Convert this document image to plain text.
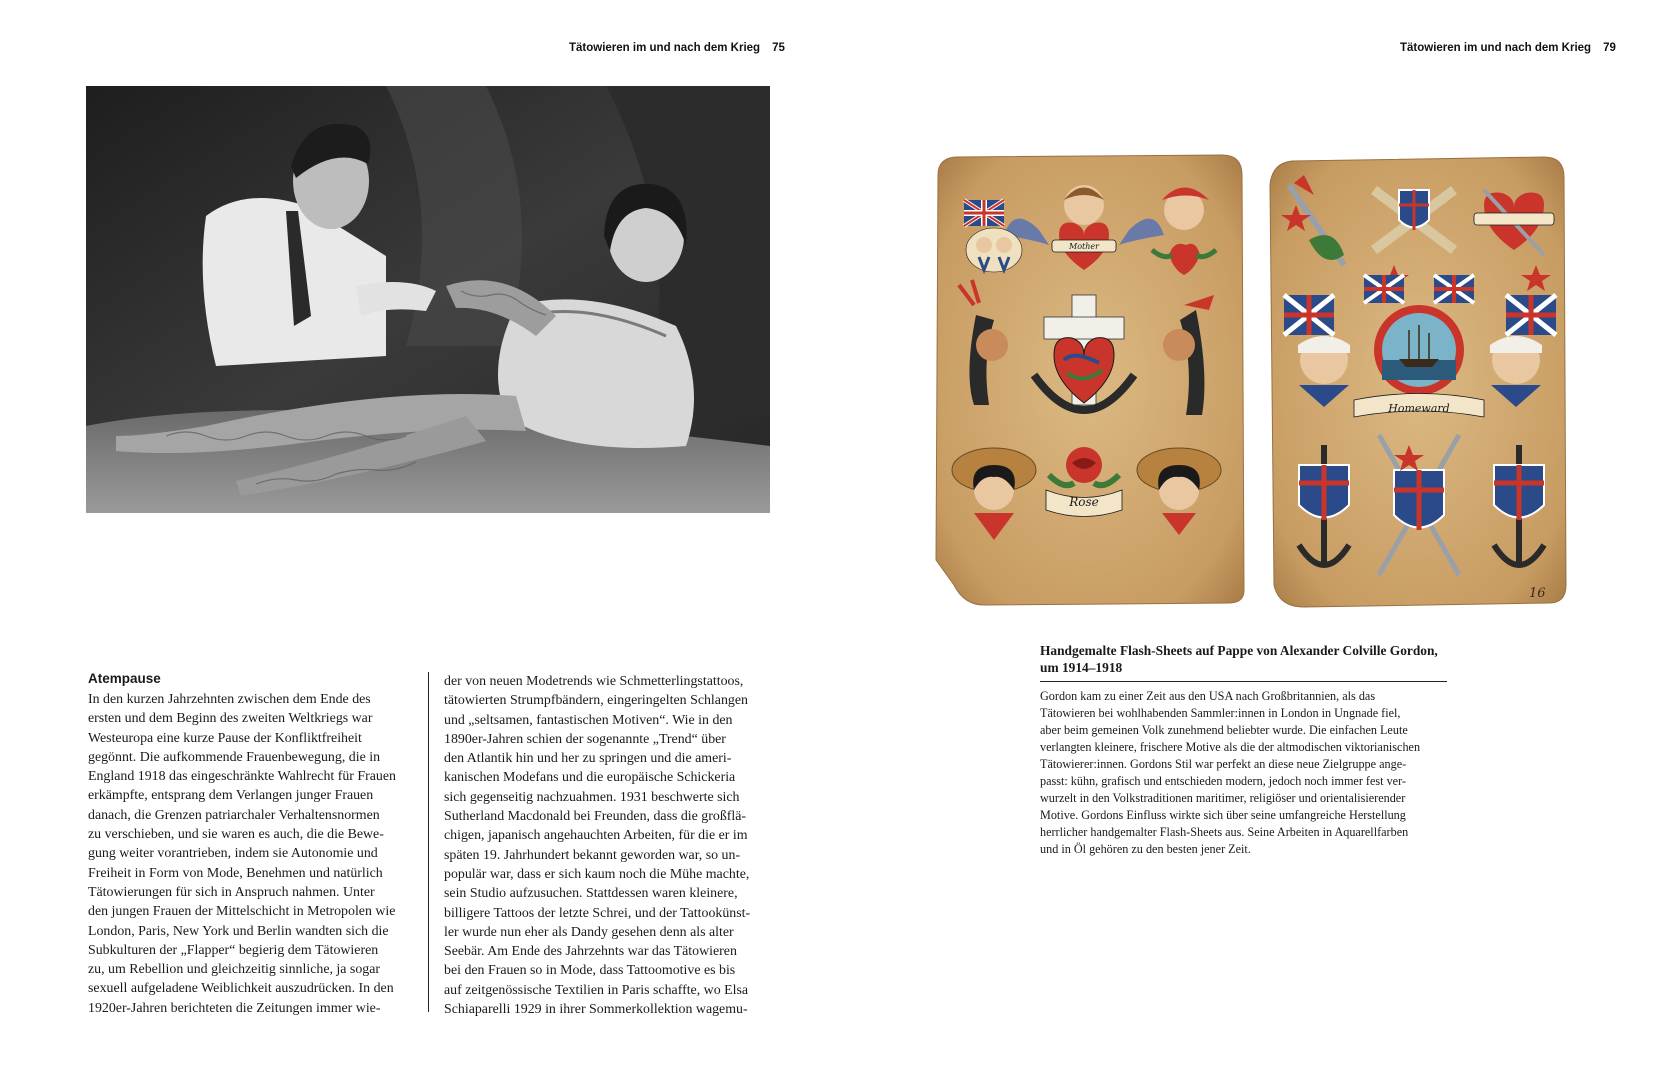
Tätowieren im und nach dem Krieg 75
Atempause
In den kurzen Jahrzehnten zwischen dem Ende des
ersten und dem Beginn des zweiten Weltkriegs war
Westeuropa eine kurze Pause der Konfliktfreiheit
gegönnt. Die aufkommende Frauenbewegung, die in
England 1918 das eingeschränkte Wahlrecht für Frauen
erkämpfte, entsprang dem Verlangen junger Frauen
danach, die Grenzen patriarchaler Verhaltensnormen
zu verschieben, und sie waren es auch, die die Bewe-
gung weiter vorantrieben, indem sie Autonomie und
Freiheit in Form von Mode, Benehmen und natürlich
Tätowierungen für sich in Anspruch nahmen. Unter
den jungen Frauen der Mittelschicht in Metropolen wie
London, Paris, New York und Berlin wandten sich die
Subkulturen der „Flapper“ begierig dem Tätowieren
zu, um Rebellion und gleichzeitig sinnliche, ja sogar
sexuell aufgeladene Weiblichkeit auszudrücken. In den
1920er-Jahren berichteten die Zeitungen immer wie-
der von neuen Modetrends wie Schmetterlingstattoos,
tätowierten Strumpfbändern, eingeringelten Schlangen
und „seltsamen, fantastischen Motiven“. Wie in den
1890er-Jahren schien der sogenannte „Trend“ über
den Atlantik hin und her zu springen und die ameri-
kanischen Modefans und die europäische Schickeria
sich gegenseitig nachzuahmen. 1931 beschwerte sich
Sutherland Macdonald bei Freunden, dass die großflä-
chigen, japanisch angehauchten Arbeiten, für die er im
späten 19. Jahrhundert bekannt geworden war, so un-
populär war, dass er sich kaum noch die Mühe machte,
sein Studio aufzusuchen. Stattdessen waren kleinere,
billigere Tattoos der letzte Schrei, und der Tattookünst-
ler wurde nun eher als Dandy gesehen denn als alter
Seebär. Am Ende des Jahrzehnts war das Tätowieren
bei den Frauen so in Mode, dass Tattoomotive es bis
auf zeitgenössische Textilien in Paris schaffte, wo Elsa
Schiaparelli 1929 in ihrer Sommerkollektion wagemu-
Tätowieren im und nach dem Krieg 79
Mother
Rose
Homeward
16
Handgemalte Flash-Sheets auf Pappe von Alexander Colville Gordon,
um 1914–1918
Gordon kam zu einer Zeit aus den USA nach Großbritannien, als das
Tätowieren bei wohlhabenden Sammler:innen in London in Ungnade fiel,
aber beim gemeinen Volk zunehmend beliebter wurde. Die einfachen Leute
verlangten kleinere, frischere Motive als die der altmodischen viktorianischen
Tätowierer:innen. Gordons Stil war perfekt an diese neue Zielgruppe ange-
passt: kühn, grafisch und entschieden modern, jedoch noch immer fest ver-
wurzelt in den Volkstraditionen maritimer, religiöser und orientalisierender
Motive. Gordons Einfluss wirkte sich über seine umfangreiche Herstellung
herrlicher handgemalter Flash-Sheets aus. Seine Arbeiten in Aquarellfarben
und in Öl gehören zu den besten jener Zeit.
